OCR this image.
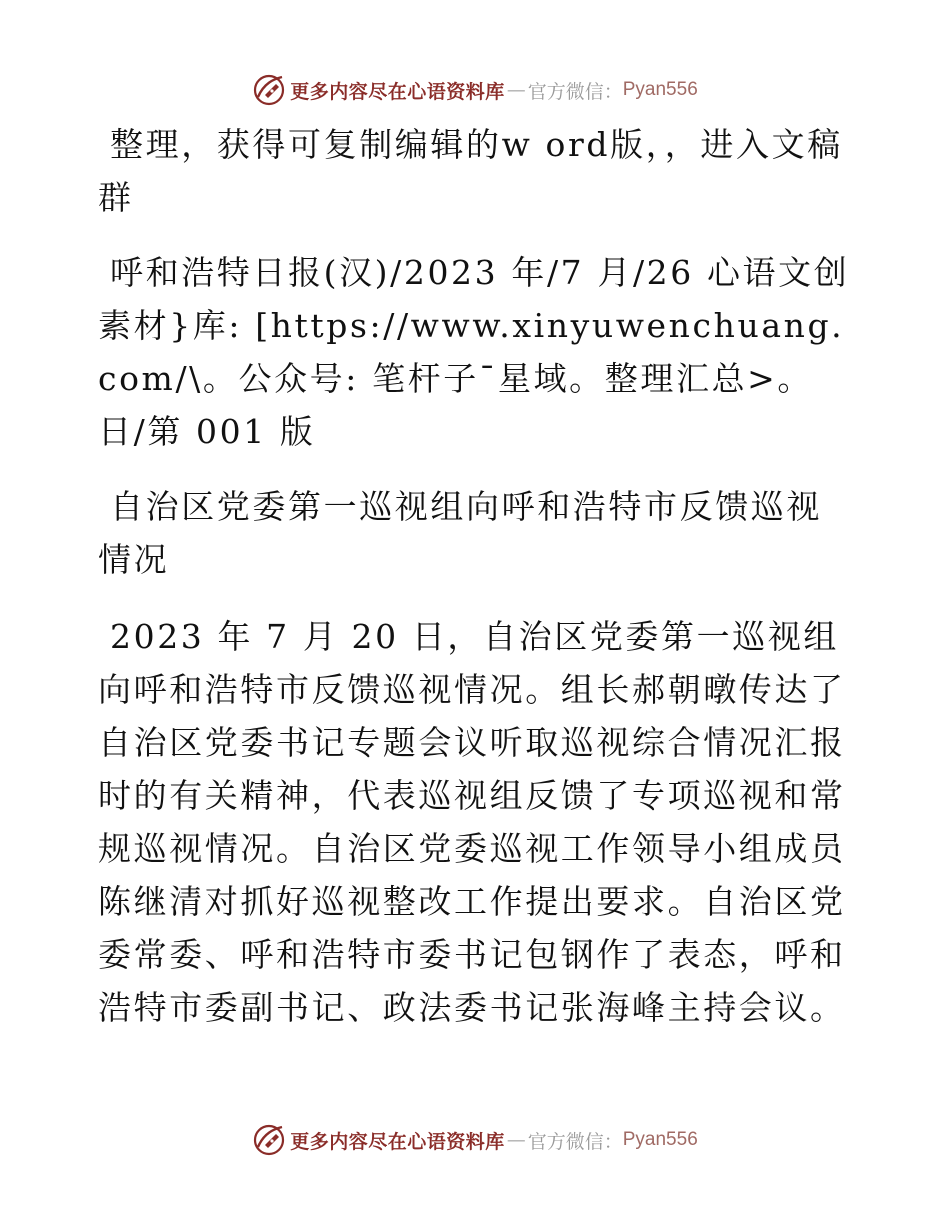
更多内容尽在心语资料库 — 官方微信： Pyan556

整理，获得可复制编辑的w ord版，，进入文稿群

呼和浩特日报(汉)/2023 年/7 月/26 心语文创素材}库: [https://www.xinyuwenchuang.com/\。公众号: 笔杆子¯星域。整理汇总>。日/第 001 版

自治区党委第一巡视组向呼和浩特市反馈巡视情况

2023 年 7 月 20 日，自治区党委第一巡视组向呼和浩特市反馈巡视情况。组长郝朝暾传达了自治区党委书记专题会议听取巡视综合情况汇报时的有关精神，代表巡视组反馈了专项巡视和常规巡视情况。自治区党委巡视工作领导小组成员陈继清对抓好巡视整改工作提出要求。自治区党委常委、呼和浩特市委书记包钢作了表态，呼和浩特市委副书记、政法委书记张海峰主持会议。

更多内容尽在心语资料库 — 官方微信： Pyan556
